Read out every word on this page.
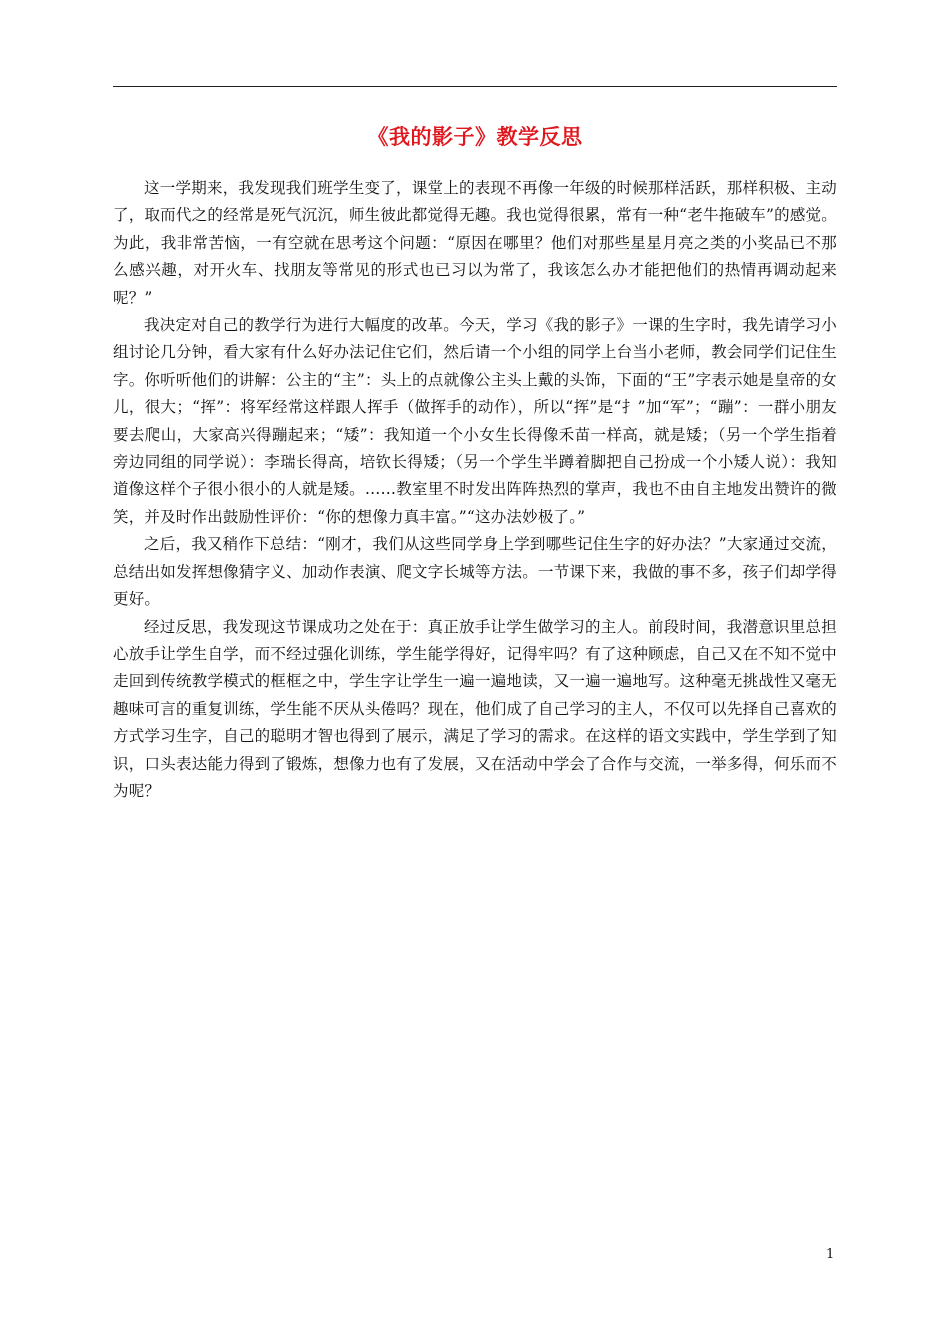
《我的影子》教学反思

这一学期来，我发现我们班学生变了，课堂上的表现不再像一年级的时候那样活跃，那样积极、主动了，取而代之的经常是死气沉沉，师生彼此都觉得无趣。我也觉得很累，常有一种“老牛拖破车”的感觉。为此，我非常苦恼，一有空就在思考这个问题：“原因在哪里？他们对那些星星月亮之类的小奖品已不那么感兴趣，对开火车、找朋友等常见的形式也已习以为常了，我该怎么办才能把他们的热情再调动起来呢？”

我决定对自己的教学行为进行大幅度的改革。今天，学习《我的影子》一课的生字时，我先请学习小组讨论几分钟，看大家有什么好办法记住它们，然后请一个小组的同学上台当小老师，教会同学们记住生字。你听听他们的讲解：公主的“主”：头上的点就像公主头上戴的头饰，下面的“王”字表示她是皇帝的女儿，很大；“挥”：将军经常这样跟人挥手（做挥手的动作），所以“挥”是“扌”加“军”；“蹦”：一群小朋友要去爬山，大家高兴得蹦起来；“矮”：我知道一个小女生长得像禾苗一样高，就是矮；（另一个学生指着旁边同组的同学说）：李瑞长得高，培钦长得矮；（另一个学生半蹲着脚把自己扮成一个小矮人说）：我知道像这样个子很小很小的人就是矮。……教室里不时发出阵阵热烈的掌声，我也不由自主地发出赞许的微笑，并及时作出鼓励性评价：“你的想像力真丰富。”“这办法妙极了。”

之后，我又稍作下总结：“刚才，我们从这些同学身上学到哪些记住生字的好办法？”大家通过交流，总结出如发挥想像猜字义、加动作表演、爬文字长城等方法。一节课下来，我做的事不多，孩子们却学得更好。

经过反思，我发现这节课成功之处在于：真正放手让学生做学习的主人。前段时间，我潜意识里总担心放手让学生自学，而不经过强化训练，学生能学得好，记得牢吗？有了这种顾虑，自己又在不知不觉中走回到传统教学模式的框框之中，学生字让学生一遍一遍地读，又一遍一遍地写。这种毫无挑战性又毫无趣味可言的重复训练，学生能不厌从头倦吗？现在，他们成了自己学习的主人，不仅可以先择自己喜欢的方式学习生字，自己的聪明才智也得到了展示，满足了学习的需求。在这样的语文实践中，学生学到了知识，口头表达能力得到了锻炼，想像力也有了发展，又在活动中学会了合作与交流，一举多得，何乐而不为呢？

1
